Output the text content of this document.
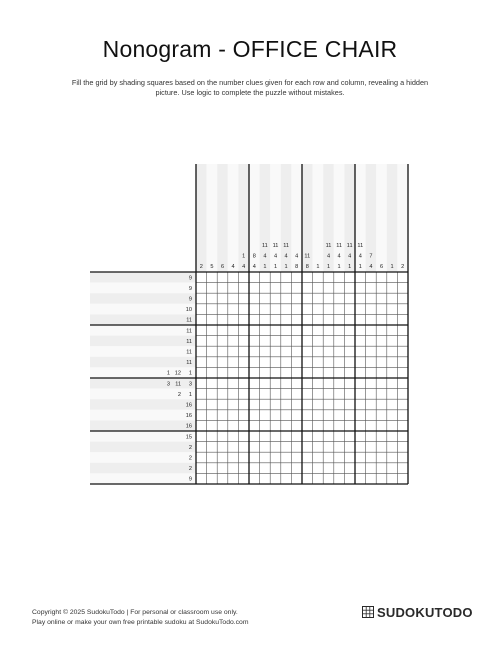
Nonogram - OFFICE CHAIR
Fill the grid by shading squares based on the number clues given for each row and column, revealing a hidden picture. Use logic to complete the puzzle without mistakes.
2 5 6 4
1
4
8
4
11
4
1
11
4
1
11
4
1
4
8
11
8 1
11
4
1
11
4
1
11
4
1
11
4
1
7
4 6 1 2
9
9
9
10
11
11
11
11
11
1 12 1
3 11 3
2 1
16
16
16
15
2
2
2
9
Copyright © 2025 SudokuTodo | For personal or classroom use only.
Play online or make your own free printable sudoku at SudokuTodo.com
SUDOKUTODO
